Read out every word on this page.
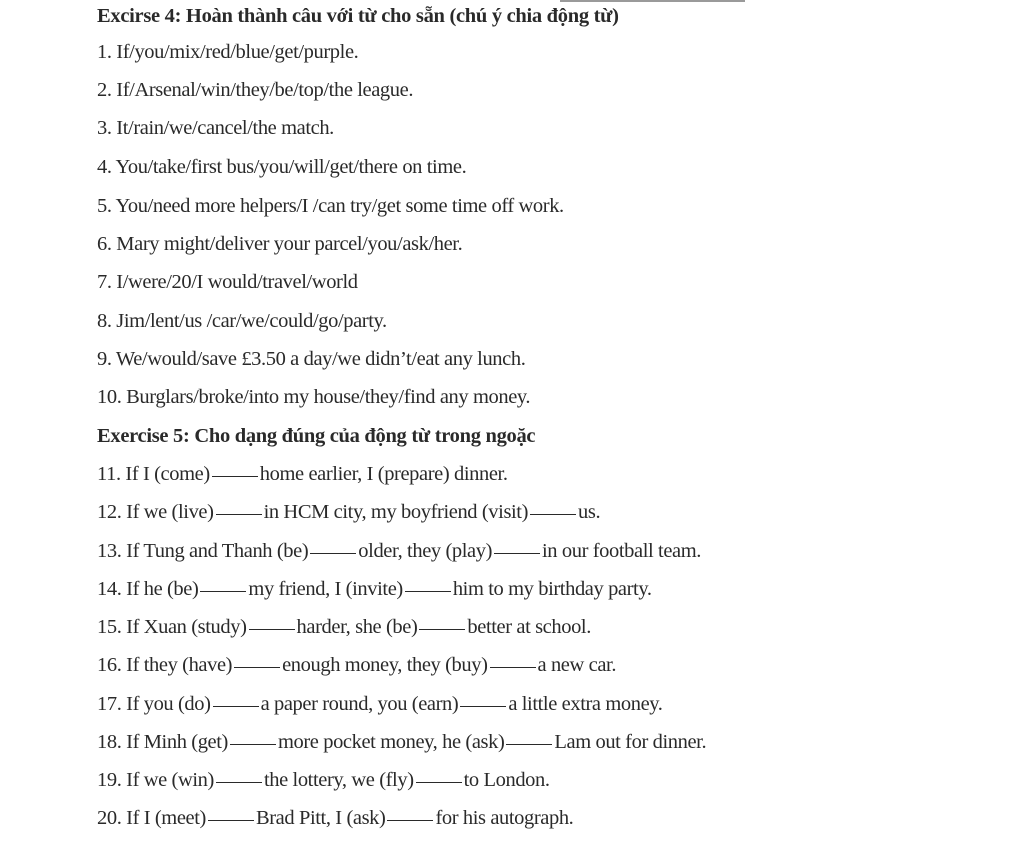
Excirse 4: Hoàn thành câu với từ cho sẵn (chú ý chia động từ)
1. If/you/mix/red/blue/get/purple.
2. If/Arsenal/win/they/be/top/the league.
3. It/rain/we/cancel/the match.
4. You/take/first bus/you/will/get/there on time.
5. You/need more helpers/I /can try/get some time off work.
6. Mary might/deliver your parcel/you/ask/her.
7. I/were/20/I would/travel/world
8. Jim/lent/us /car/we/could/go/party.
9. We/would/save £3.50 a day/we didn’t/eat any lunch.
10. Burglars/broke/into my house/they/find any money.
Exercise 5: Cho dạng đúng của động từ trong ngoặc
11. If I (come) home earlier, I (prepare) dinner.
12. If we (live) in HCM city, my boyfriend (visit) us.
13. If Tung and Thanh (be) older, they (play) in our football team.
14. If he (be) my friend, I (invite) him to my birthday party.
15. If Xuan (study) harder, she (be) better at school.
16. If they (have) enough money, they (buy) a new car.
17. If you (do) a paper round, you (earn) a little extra money.
18. If Minh (get) more pocket money, he (ask) Lam out for dinner.
19. If we (win) the lottery, we (fly) to London.
20. If I (meet) Brad Pitt, I (ask) for his autograph.
